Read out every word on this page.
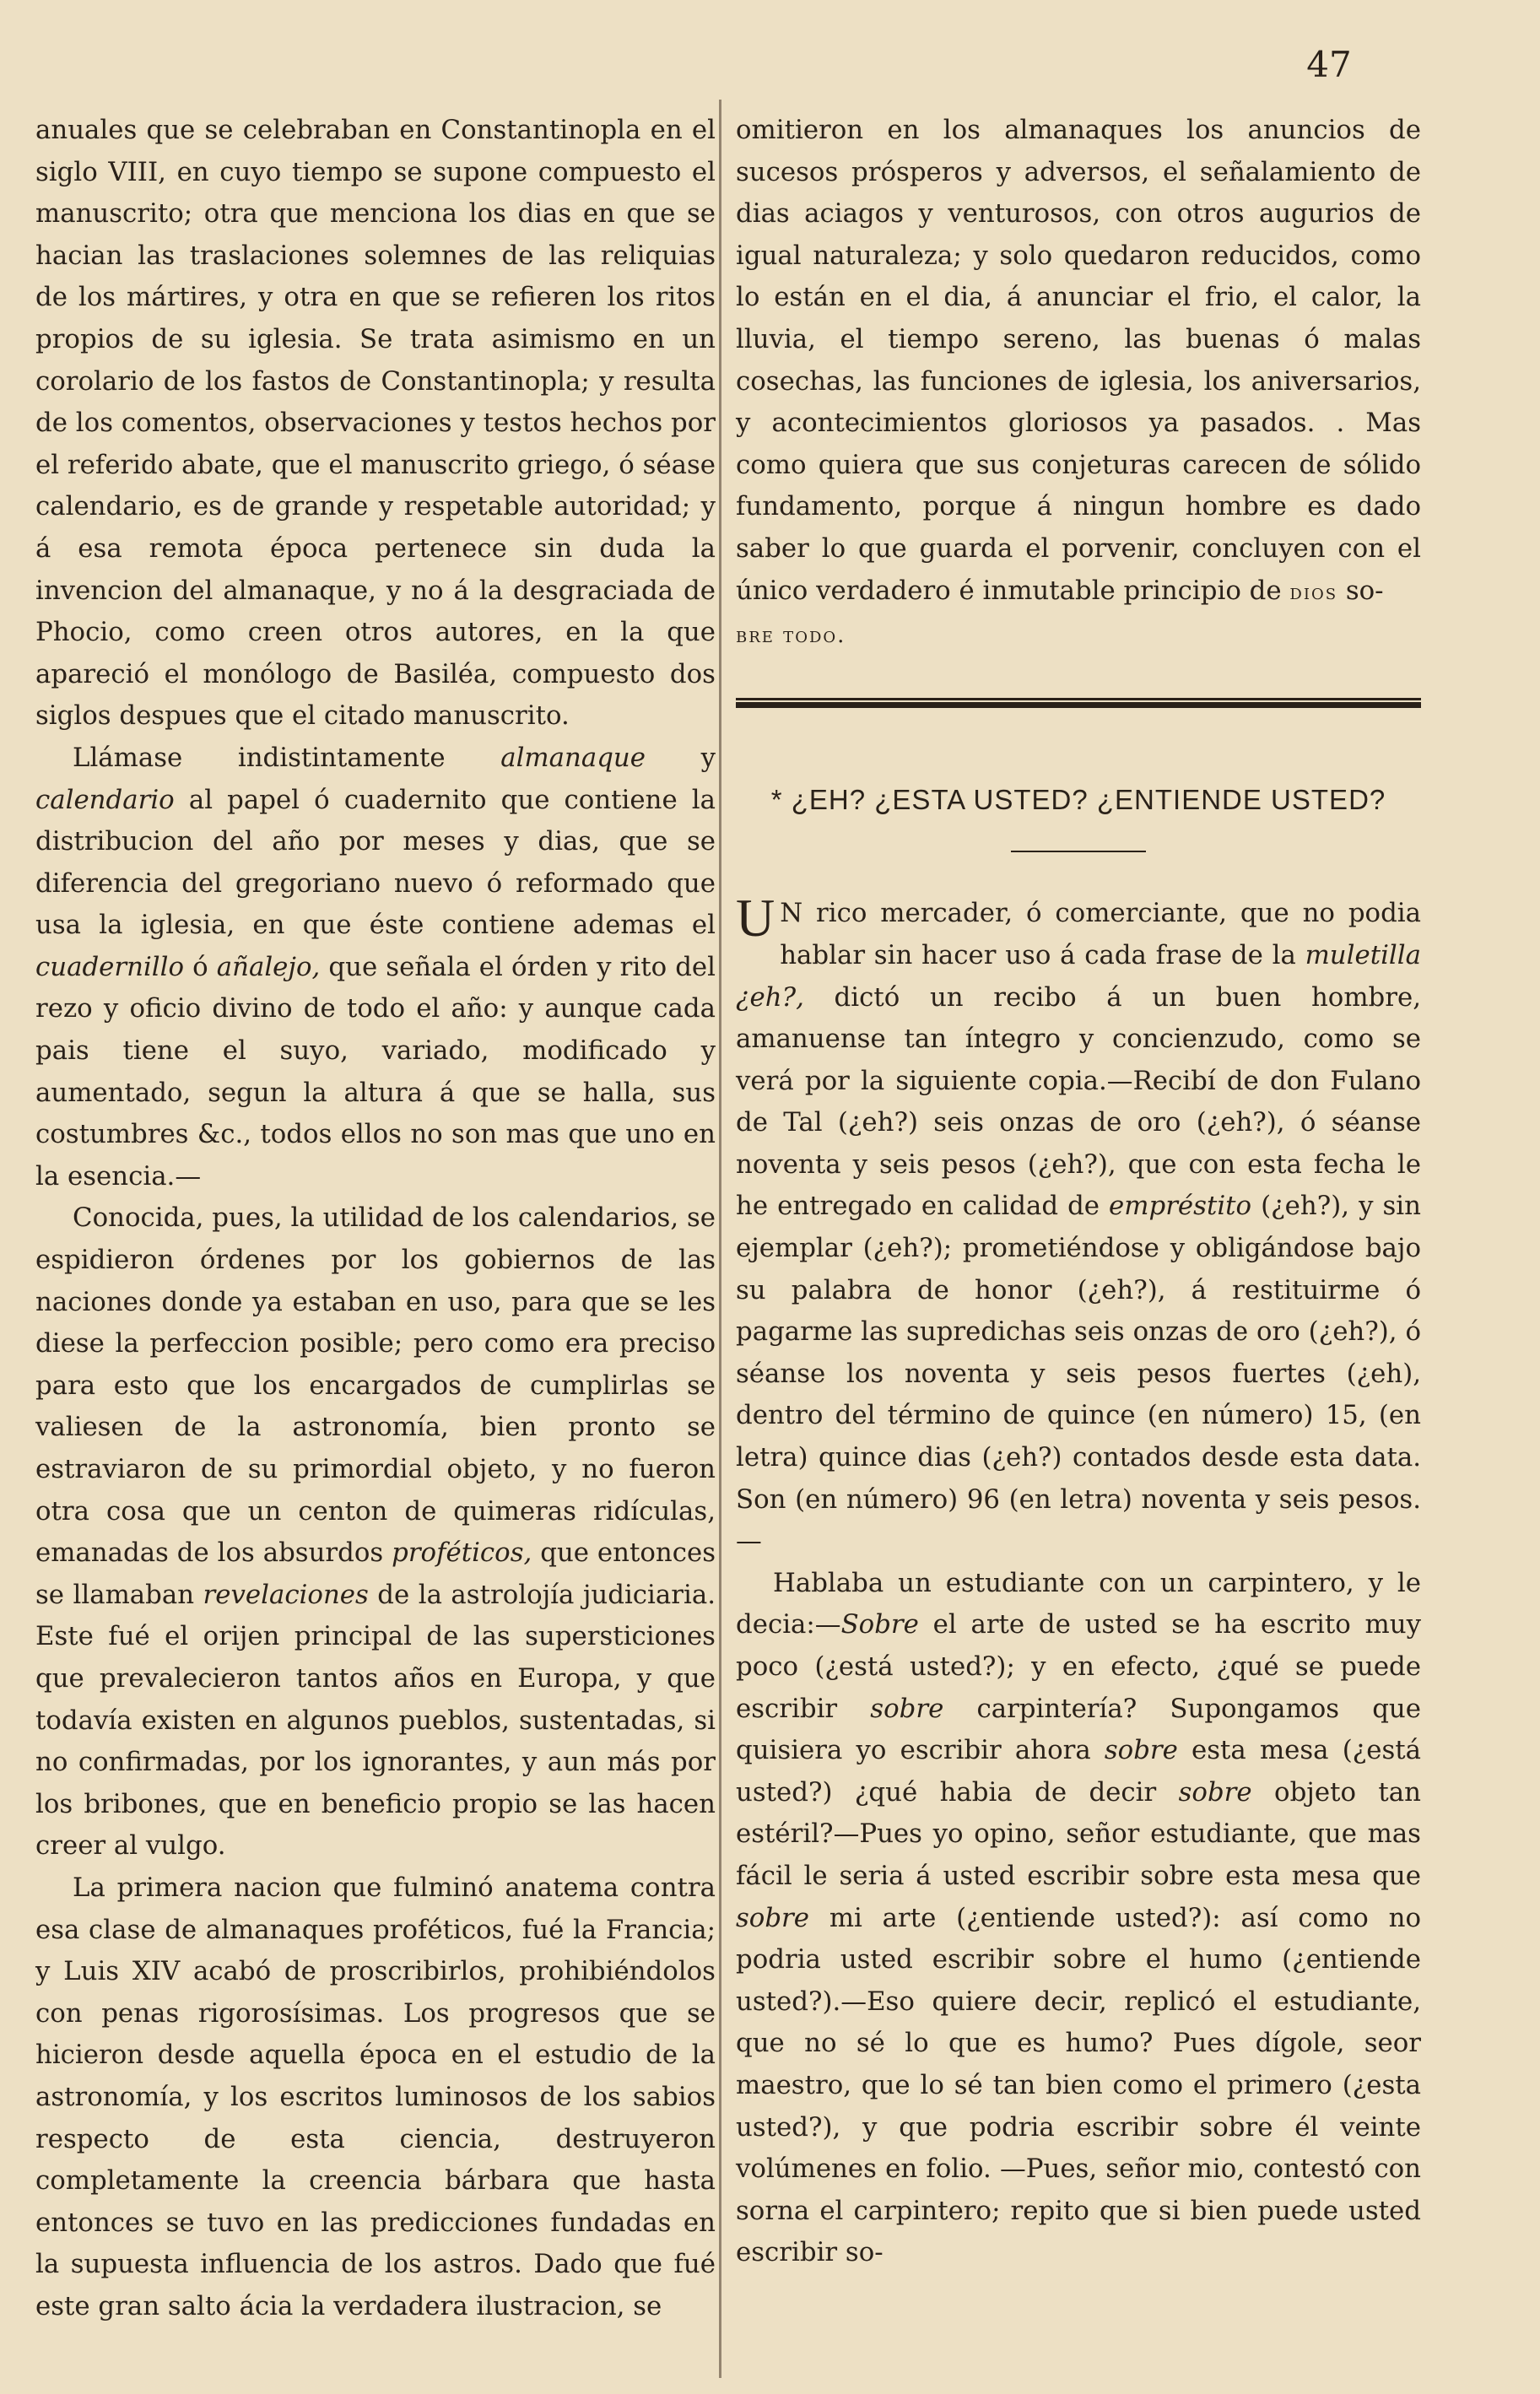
47

anuales que se celebraban en Constantinopla en el siglo VIII, en cuyo tiempo se supone compuesto el manuscrito; otra que menciona los dias en que se hacian las traslaciones solemnes de las reliquias de los mártires, y otra en que se refieren los ritos propios de su iglesia. Se trata asimismo en un corolario de los fastos de Constantinopla; y resulta de los comentos, observaciones y testos hechos por el referido abate, que el manuscrito griego, ó séase calendario, es de grande y respetable autoridad; y á esa remota época pertenece sin duda la invencion del almanaque, y no á la desgraciada de Phocio, como creen otros autores, en la que apareció el monólogo de Basiléa, compuesto dos siglos despues que el citado manuscrito.

Llámase indistintamente almanaque y calendario al papel ó cuadernito que contiene la distribucion del año por meses y dias, que se diferencia del gregoriano nuevo ó reformado que usa la iglesia, en que éste contiene ademas el cuadernillo ó añalejo, que señala el órden y rito del rezo y oficio divino de todo el año: y aunque cada pais tiene el suyo, variado, modificado y aumentado, segun la altura á que se halla, sus costumbres &c., todos ellos no son mas que uno en la esencia.—

Conocida, pues, la utilidad de los calendarios, se espidieron órdenes por los gobiernos de las naciones donde ya estaban en uso, para que se les diese la perfeccion posible; pero como era preciso para esto que los encargados de cumplirlas se valiesen de la astronomía, bien pronto se estraviaron de su primordial objeto, y no fueron otra cosa que un centon de quimeras ridículas, emanadas de los absurdos proféticos, que entonces se llamaban revelaciones de la astrolojía judiciaria. Este fué el orijen principal de las supersticiones que prevalecieron tantos años en Europa, y que todavía existen en algunos pueblos, sustentadas, si no confirmadas, por los ignorantes, y aun más por los bribones, que en beneficio propio se las hacen creer al vulgo.

La primera nacion que fulminó anatema contra esa clase de almanaques proféticos, fué la Francia; y Luis XIV acabó de proscribirlos, prohibiéndolos con penas rigorosísimas. Los progresos que se hicieron desde aquella época en el estudio de la astronomía, y los escritos luminosos de los sabios respecto de esta ciencia, destruyeron completamente la creencia bárbara que hasta entonces se tuvo en las predicciones fundadas en la supuesta influencia de los astros. Dado que fué este gran salto ácia la verdadera ilustracion, se

omitieron en los almanaques los anuncios de sucesos prósperos y adversos, el señalamiento de dias aciagos y venturosos, con otros augurios de igual naturaleza; y solo quedaron reducidos, como lo están en el dia, á anunciar el frio, el calor, la lluvia, el tiempo sereno, las buenas ó malas cosechas, las funciones de iglesia, los aniversarios, y acontecimientos gloriosos ya pasados. . Mas como quiera que sus conjeturas carecen de sólido fundamento, porque á ningun hombre es dado saber lo que guarda el porvenir, concluyen con el único verdadero é inmutable principio de dios so-
bre todo.

* ¿EH? ¿ESTA USTED? ¿ENTIENDE USTED?

U N rico mercader, ó comerciante, que no podia hablar sin hacer uso á cada frase de la muletilla ¿eh?, dictó un recibo á un buen hombre, amanuense tan íntegro y concienzudo, como se verá por la siguiente copia.—Recibí de don Fulano de Tal (¿eh?) seis onzas de oro (¿eh?), ó séanse noventa y seis pesos (¿eh?), que con esta fecha le he entregado en calidad de empréstito (¿eh?), y sin ejemplar (¿eh?); prometiéndose y obligándose bajo su palabra de honor (¿eh?), á restituirme ó pagarme las supredichas seis onzas de oro (¿eh?), ó séanse los noventa y seis pesos fuertes (¿eh), dentro del término de quince (en número) 15, (en letra) quince dias (¿eh?) contados desde esta data. Son (en número) 96 (en letra) noventa y seis pesos.—

Hablaba un estudiante con un carpintero, y le decia:—Sobre el arte de usted se ha escrito muy poco (¿está usted?); y en efecto, ¿qué se puede escribir sobre carpintería? Supongamos que quisiera yo escribir ahora sobre esta mesa (¿está usted?) ¿qué habia de decir sobre objeto tan estéril?—Pues yo opino, señor estudiante, que mas fácil le seria á usted escribir sobre esta mesa que sobre mi arte (¿entiende usted?): así como no podria usted escribir sobre el humo (¿entiende usted?).—Eso quiere decir, replicó el estudiante, que no sé lo que es humo? Pues dígole, seor maestro, que lo sé tan bien como el primero (¿esta usted?), y que podria escribir sobre él veinte volúmenes en folio. —Pues, señor mio, contestó con sorna el carpintero; repito que si bien puede usted escribir so-
